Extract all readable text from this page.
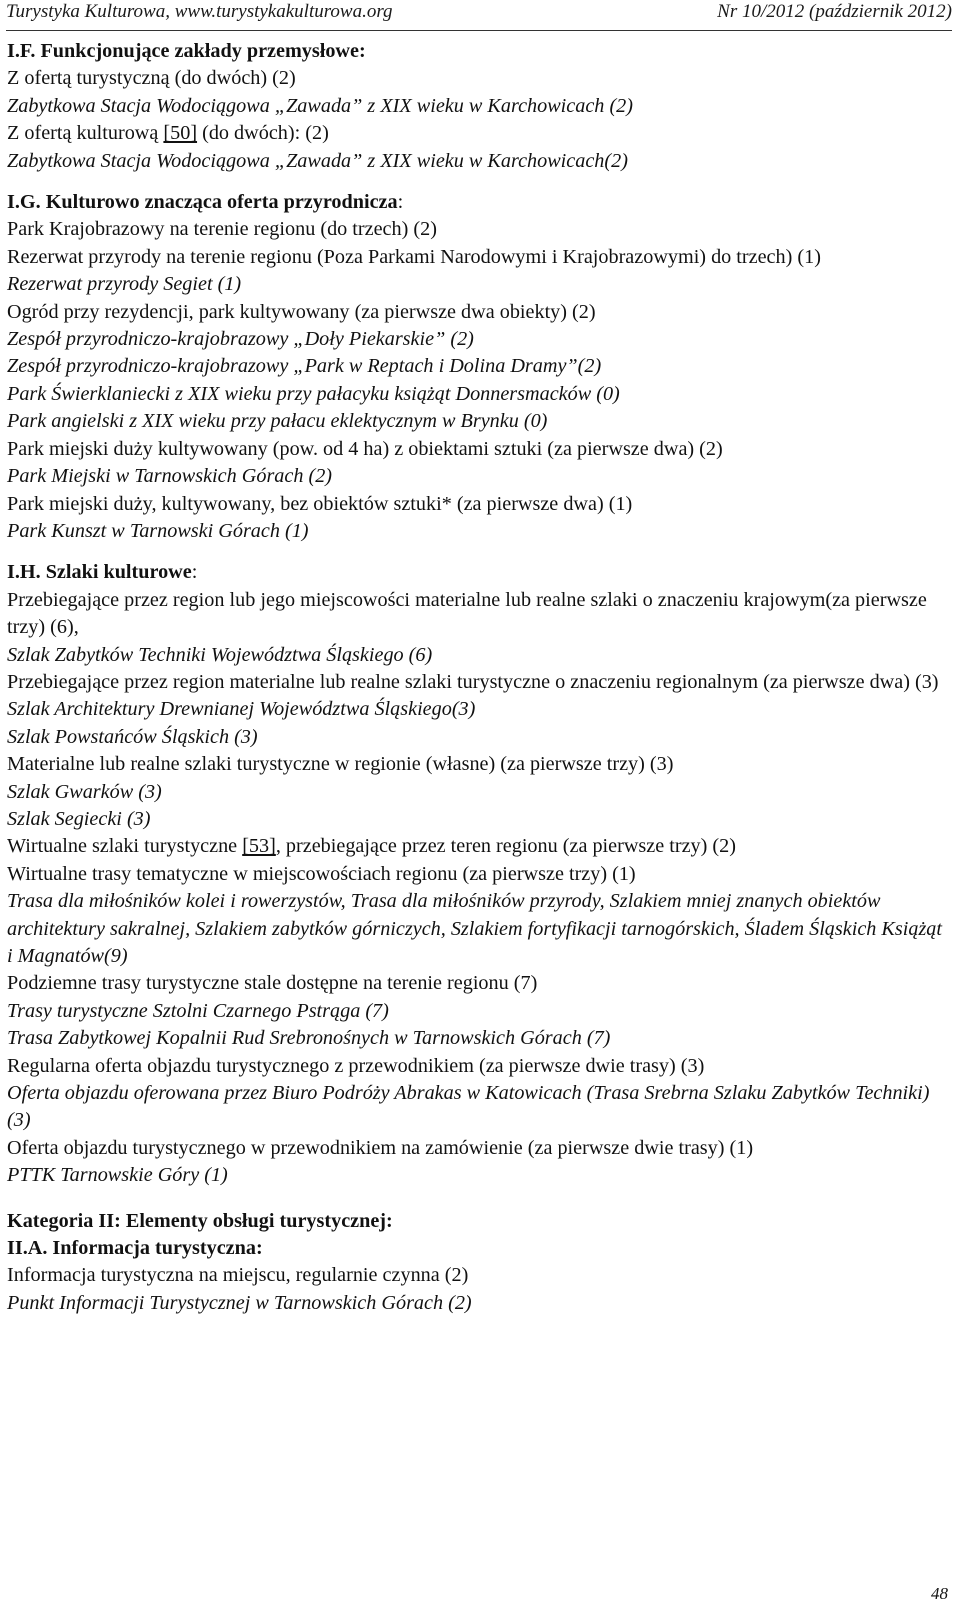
Turystyka Kulturowa, www.turystykakulturowa.org	Nr 10/2012 (październik 2012)
I.F. Funkcjonujące zakłady przemysłowe:
Z ofertą turystyczną (do dwóch) (2)
Zabytkowa Stacja Wodociągowa „Zawada” z XIX wieku w Karchowicach (2)
Z ofertą kulturową [50] (do dwóch): (2)
Zabytkowa Stacja Wodociągowa „Zawada” z XIX wieku w Karchowicach(2)
I.G. Kulturowo znacząca oferta przyrodnicza:
Park Krajobrazowy na terenie regionu (do trzech) (2)
Rezerwat przyrody na terenie regionu (Poza Parkami Narodowymi i Krajobrazowymi) do trzech) (1)
Rezerwat przyrody Segiet (1)
Ogród przy rezydencji, park kultywowany (za pierwsze dwa obiekty) (2)
Zespół przyrodniczo-krajobrazowy „Doły Piekarskie” (2)
Zespół przyrodniczo-krajobrazowy „Park w Reptach i Dolina Dramy”(2)
Park Świerklaniecki z XIX wieku przy pałacyku książąt Donnersmacków (0)
Park angielski z XIX wieku przy pałacu eklektycznym w Brynku (0)
Park miejski duży kultywowany (pow. od 4 ha) z obiektami sztuki (za pierwsze dwa) (2)
Park Miejski w Tarnowskich Górach (2)
Park miejski duży, kultywowany, bez obiektów sztuki* (za pierwsze dwa) (1)
Park Kunszt w Tarnowski Górach (1)
I.H. Szlaki kulturowe:
Przebiegające przez region lub jego miejscowości materialne lub realne szlaki o znaczeniu krajowym(za pierwsze trzy) (6),
Szlak Zabytków Techniki Województwa Śląskiego (6)
Przebiegające przez region materialne lub realne szlaki turystyczne o znaczeniu regionalnym (za pierwsze dwa) (3)
Szlak Architektury Drewnianej Województwa Śląskiego(3)
Szlak Powstańców Śląskich (3)
Materialne lub realne szlaki turystyczne w regionie (własne) (za pierwsze trzy) (3)
Szlak Gwarków (3)
Szlak Segiecki (3)
Wirtualne szlaki turystyczne [53], przebiegające przez teren regionu (za pierwsze trzy) (2)
Wirtualne trasy tematyczne w miejscowościach regionu (za pierwsze trzy) (1)
Trasa dla miłośników kolei i rowerzystów, Trasa dla miłośników przyrody, Szlakiem mniej znanych obiektów architektury sakralnej, Szlakiem zabytków górniczych, Szlakiem fortyfikacji tarnogórskich, Śladem Śląskich Książąt i Magnatów(9)
Podziemne trasy turystyczne stale dostępne na terenie regionu (7)
Trasy turystyczne Sztolni Czarnego Pstrąga (7)
Trasa Zabytkowej Kopalnii Rud Srebronośnych w Tarnowskich Górach (7)
Regularna oferta objazdu turystycznego z przewodnikiem (za pierwsze dwie trasy) (3)
Oferta objazdu oferowana przez Biuro Podróży Abrakas w Katowicach (Trasa Srebrna Szlaku Zabytków Techniki) (3)
Oferta objazdu turystycznego w przewodnikiem na zamówienie (za pierwsze dwie trasy) (1)
PTTK Tarnowskie Góry (1)
Kategoria II: Elementy obsługi turystycznej:
II.A. Informacja turystyczna:
Informacja turystyczna na miejscu, regularnie czynna (2)
Punkt Informacji Turystycznej w Tarnowskich Górach (2)
48
